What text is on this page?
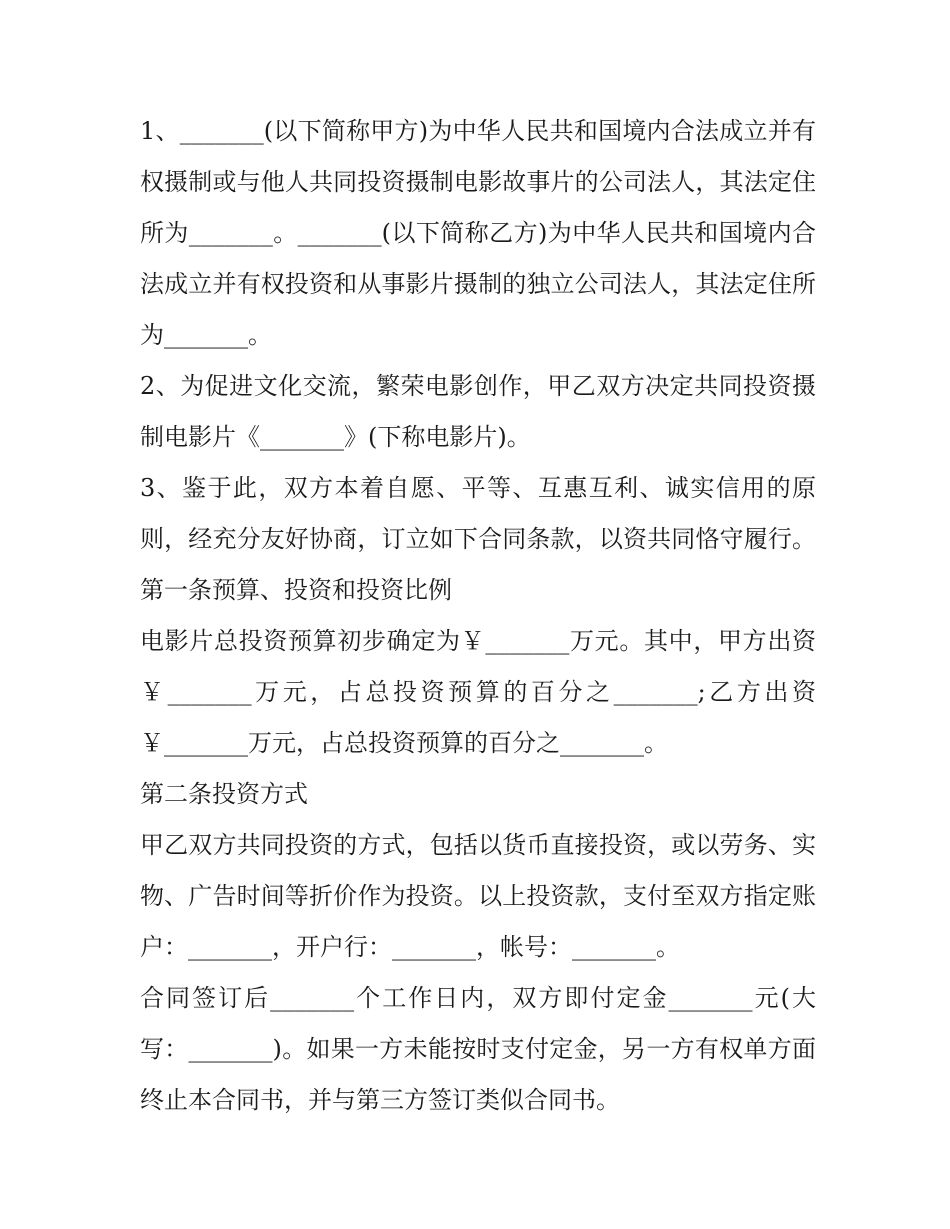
1、_______(以下简称甲方)为中华人民共和国境内合法成立并有权摄制或与他人共同投资摄制电影故事片的公司法人，其法定住所为_______。_______(以下简称乙方)为中华人民共和国境内合法成立并有权投资和从事影片摄制的独立公司法人，其法定住所为_______。

2、为促进文化交流，繁荣电影创作，甲乙双方决定共同投资摄制电影片《_______》(下称电影片)。

3、鉴于此，双方本着自愿、平等、互惠互利、诚实信用的原则，经充分友好协商，订立如下合同条款，以资共同恪守履行。 第一条预算、投资和投资比例

电影片总投资预算初步确定为￥_______万元。其中，甲方出资￥_______万元，占总投资预算的百分之_______;乙方出资￥_______万元，占总投资预算的百分之_______。

第二条投资方式

甲乙双方共同投资的方式，包括以货币直接投资，或以劳务、实物、广告时间等折价作为投资。以上投资款，支付至双方指定账户：_______，开户行：_______，帐号：_______。

合同签订后_______个工作日内，双方即付定金_______元(大写：_______)。如果一方未能按时支付定金，另一方有权单方面终止本合同书，并与第三方签订类似合同书。
